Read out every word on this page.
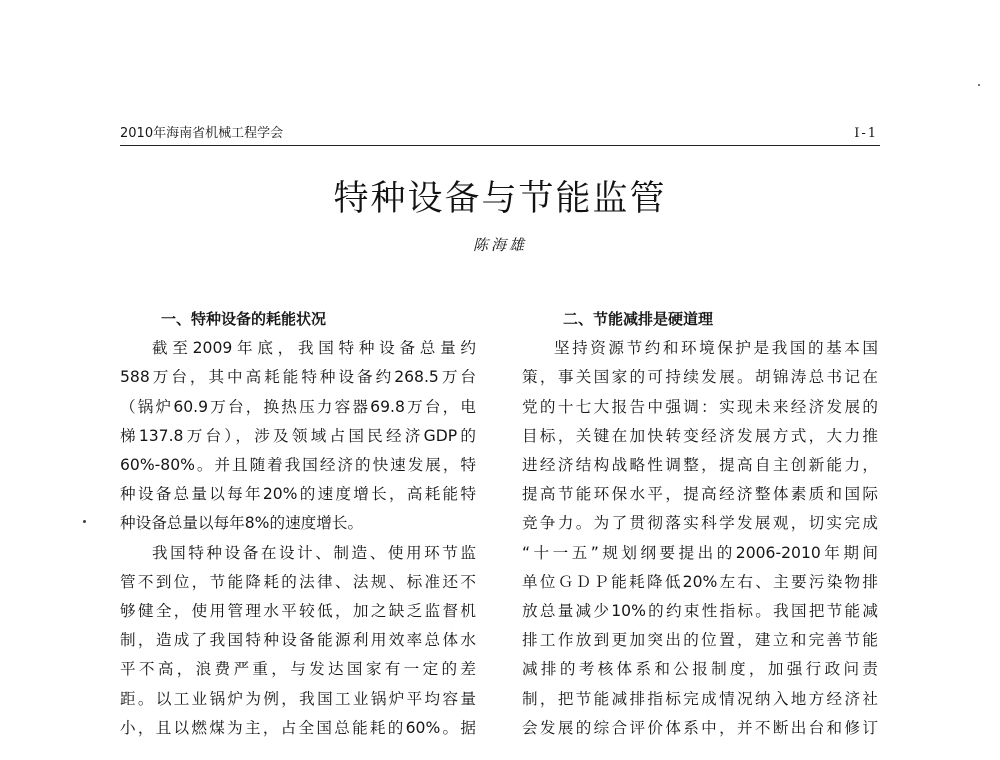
2010年海南省机械工程学会	I-1
特种设备与节能监管
陈海雄
一、特种设备的耗能状况
截至2009年底，我国特种设备总量约
588万台，其中高耗能特种设备约268.5万台
（锅炉60.9万台，换热压力容器69.8万台，电
梯137.8万台），涉及领域占国民经济GDP的
60%-80%。并且随着我国经济的快速发展，特
种设备总量以每年20%的速度增长，高耗能特
种设备总量以每年8%的速度增长。
我国特种设备在设计、制造、使用环节监
管不到位，节能降耗的法律、法规、标准还不
够健全，使用管理水平较低，加之缺乏监督机
制，造成了我国特种设备能源利用效率总体水
平不高，浪费严重，与发达国家有一定的差
距。以工业锅炉为例，我国工业锅炉平均容量
小，且以燃煤为主，占全国总能耗的60%。据
二、节能减排是硬道理
坚持资源节约和环境保护是我国的基本国
策，事关国家的可持续发展。胡锦涛总书记在
党的十七大报告中强调：实现未来经济发展的
目标，关键在加快转变经济发展方式，大力推
进经济结构战略性调整，提高自主创新能力，
提高节能环保水平，提高经济整体素质和国际
竞争力。为了贯彻落实科学发展观，切实完成
“十一五”规划纲要提出的2006-2010年期间
单位ＧＤＰ能耗降低20%左右、主要污染物排
放总量减少10%的约束性指标。我国把节能减
排工作放到更加突出的位置，建立和完善节能
减排的考核体系和公报制度，加强行政问责
制，把节能减排指标完成情况纳入地方经济社
会发展的综合评价体系中，并不断出台和修订
